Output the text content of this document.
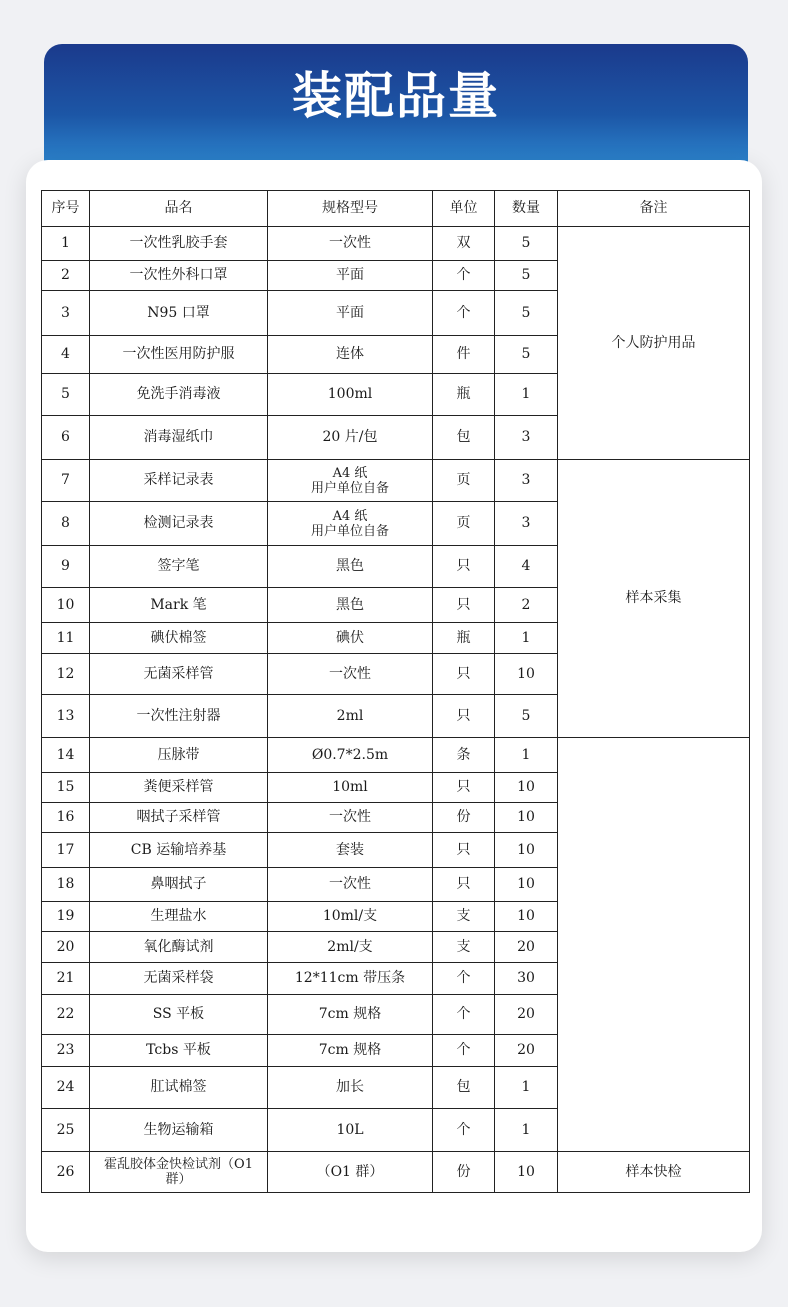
装配品量
序号	品名	规格型号	单位	数量	备注
1	一次性乳胶手套	一次性	双	5	个人防护用品
2	一次性外科口罩	平面	个	5	
3	N95 口罩	平面	个	5	
4	一次性医用防护服	连体	件	5	
5	免洗手消毒液	100ml	瓶	1	
6	消毒湿纸巾	20 片/包	包	3	
7	采样记录表	A4 纸
用户单位自备	页	3	样本采集
8	检测记录表	A4 纸
用户单位自备	页	3	
9	签字笔	黑色	只	4	
10	Mark 笔	黑色	只	2	
11	碘伏棉签	碘伏	瓶	1	
12	无菌采样管	一次性	只	10	
13	一次性注射器	2ml	只	5	
14	压脉带	Ø0.7*2.5m	条	1	
15	粪便采样管	10ml	只	10	
16	咽拭子采样管	一次性	份	10	
17	CB 运输培养基	套装	只	10	
18	鼻咽拭子	一次性	只	10	
19	生理盐水	10ml/支	支	10	
20	氧化酶试剂	2ml/支	支	20	
21	无菌采样袋	12*11cm 带压条	个	30	
22	SS 平板	7cm 规格	个	20	
23	Tcbs 平板	7cm 规格	个	20	
24	肛试棉签	加长	包	1	
25	生物运输箱	10L	个	1	
26	霍乱胶体金快检试剂（O1
群）	（O1 群）	份	10	样本快检
